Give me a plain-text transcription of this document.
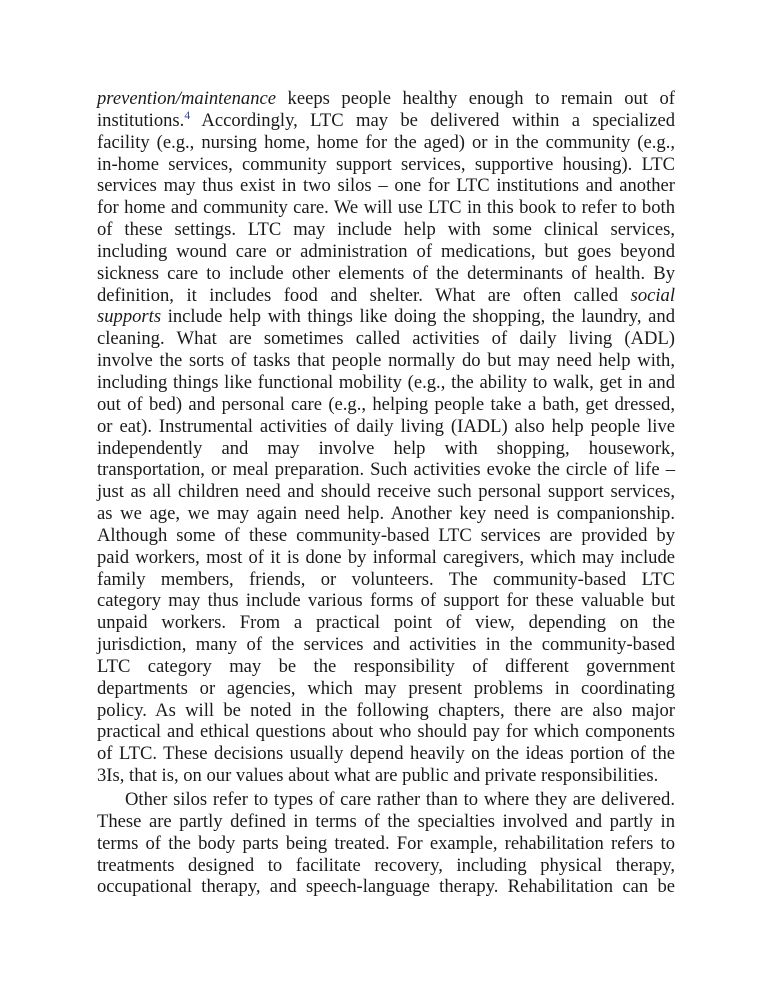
prevention/maintenance keeps people healthy enough to remain out of
institutions.$^4$ Accordingly, LTC may be delivered within a specialized
facility (e.g., nursing home, home for the aged) or in the community (e.g.,
in-home services, community support services, supportive housing). LTC
services may thus exist in two silos – one for LTC institutions and another
for home and community care. We will use LTC in this book to refer to both
of these settings. LTC may include help with some clinical services,
including wound care or administration of medications, but goes beyond
sickness care to include other elements of the determinants of health. By
definition, it includes food and shelter. What are often called social
supports include help with things like doing the shopping, the laundry, and
cleaning. What are sometimes called activities of daily living (ADL)
involve the sorts of tasks that people normally do but may need help with,
including things like functional mobility (e.g., the ability to walk, get in and
out of bed) and personal care (e.g., helping people take a bath, get dressed,
or eat). Instrumental activities of daily living (IADL) also help people live
independently and may involve help with shopping, housework,
transportation, or meal preparation. Such activities evoke the circle of life –
just as all children need and should receive such personal support services,
as we age, we may again need help. Another key need is companionship.
Although some of these community-based LTC services are provided by
paid workers, most of it is done by informal caregivers, which may include
family members, friends, or volunteers. The community-based LTC
category may thus include various forms of support for these valuable but
unpaid workers. From a practical point of view, depending on the
jurisdiction, many of the services and activities in the community-based
LTC category may be the responsibility of different government
departments or agencies, which may present problems in coordinating
policy. As will be noted in the following chapters, there are also major
practical and ethical questions about who should pay for which components
of LTC. These decisions usually depend heavily on the ideas portion of the
3Is, that is, on our values about what are public and private responsibilities.
Other silos refer to types of care rather than to where they are delivered.
These are partly defined in terms of the specialties involved and partly in
terms of the body parts being treated. For example, rehabilitation refers to
treatments designed to facilitate recovery, including physical therapy,
occupational therapy, and speech-language therapy. Rehabilitation can be
